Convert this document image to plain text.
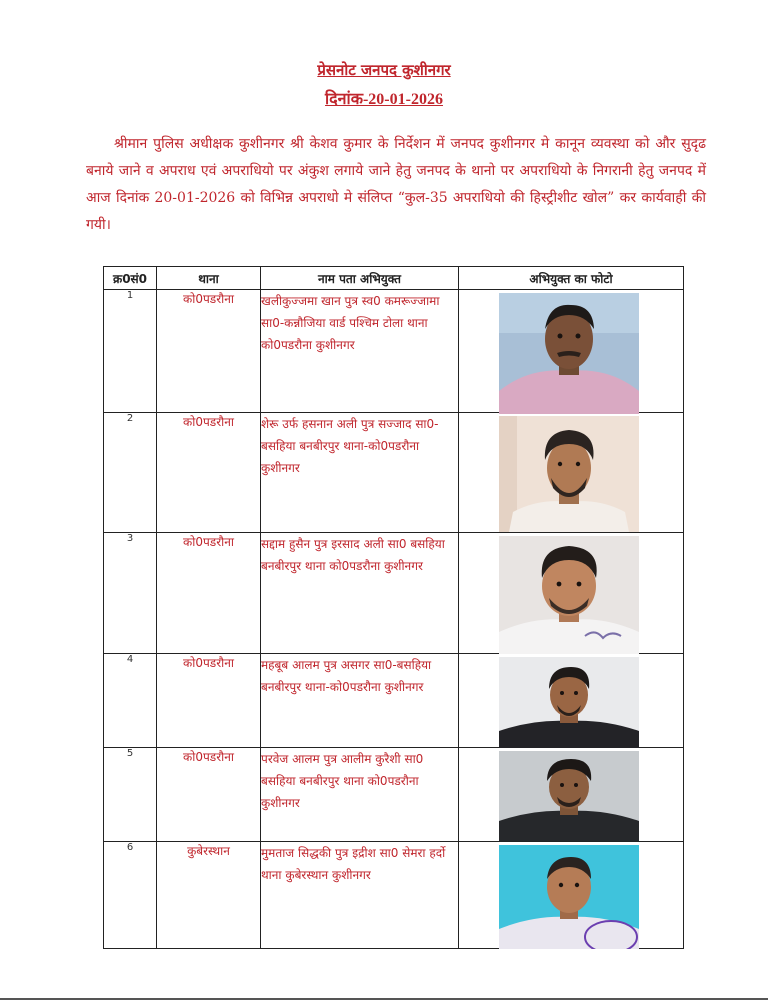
प्रेसनोट जनपद कुशीनगर
दिनांक-20-01-2026
श्रीमान पुलिस अधीक्षक कुशीनगर श्री केशव कुमार के निर्देशन में जनपद कुशीनगर मे कानून व्यवस्था को और सुदृढ बनाये जाने व अपराध एवं अपराधियो पर अंकुश लगाये जाने हेतु जनपद के थानो पर अपराधियो के निगरानी हेतु जनपद में आज दिनांक 20-01-2026 को विभिन्न अपराधो मे संलिप्त “कुल-35 अपराधियो की हिस्ट्रीशीट खोल” कर कार्यवाही की गयी।
क्र0सं0	थाना	नाम पता अभियुक्त	अभियुक्त का फोटो
1	को0पडरौना	खलीकुज्जमा खान पुत्र स्व0 कमरूज्जामा सा0-कन्नौजिया वार्ड पश्चिम टोला थाना को0पडरौना कुशीनगर	

2	को0पडरौना	शेरू उर्फ हसनान अली पुत्र सज्जाद सा0-बसहिया बनबीरपुर थाना-को0पडरौना कुशीनगर	

3	को0पडरौना	सद्दाम हुसैन पुत्र इरसाद अली सा0 बसहिया बनबीरपुर थाना को0पडरौना कुशीनगर	

4	को0पडरौना	महबूब आलम पुत्र असगर सा0-बसहिया बनबीरपुर थाना-को0पडरौना कुशीनगर	

5	को0पडरौना	परवेज आलम पुत्र आलीम कुरैशी सा0 बसहिया बनबीरपुर थाना को0पडरौना कुशीनगर	

6	कुबेरस्थान	मुमताज सिद्धकी पुत्र इद्रीश सा0 सेमरा हर्दो थाना कुबेरस्थान कुशीनगर	
